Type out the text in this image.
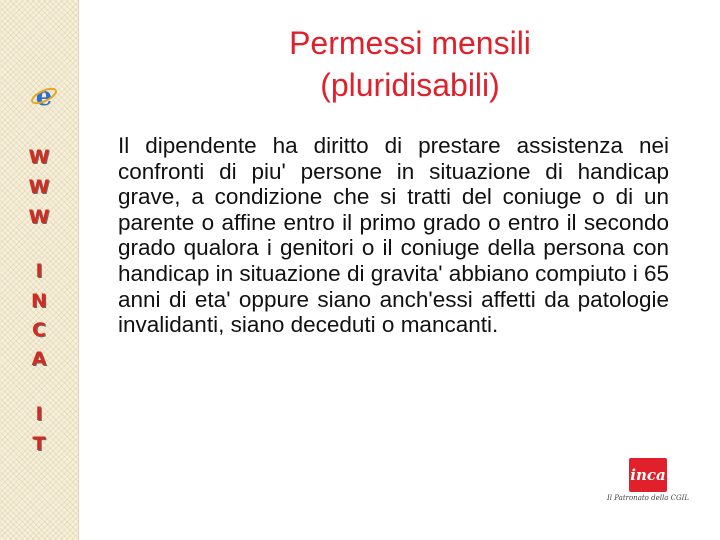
e
W
W
W
I
N
C
A
I
T
Permessi mensili
(pluridisabili)

Il dipendente ha diritto di prestare assistenza nei confronti di piu' persone in situazione di handicap grave, a condizione che si tratti del coniuge o di un parente o affine entro il primo grado o entro il secondo grado qualora i genitori o il coniuge della persona con handicap in situazione di gravita' abbiano compiuto i 65 anni di eta' oppure siano anch'essi affetti da patologie invalidanti, siano deceduti o mancanti.

inca
Il Patronato della CGIL
